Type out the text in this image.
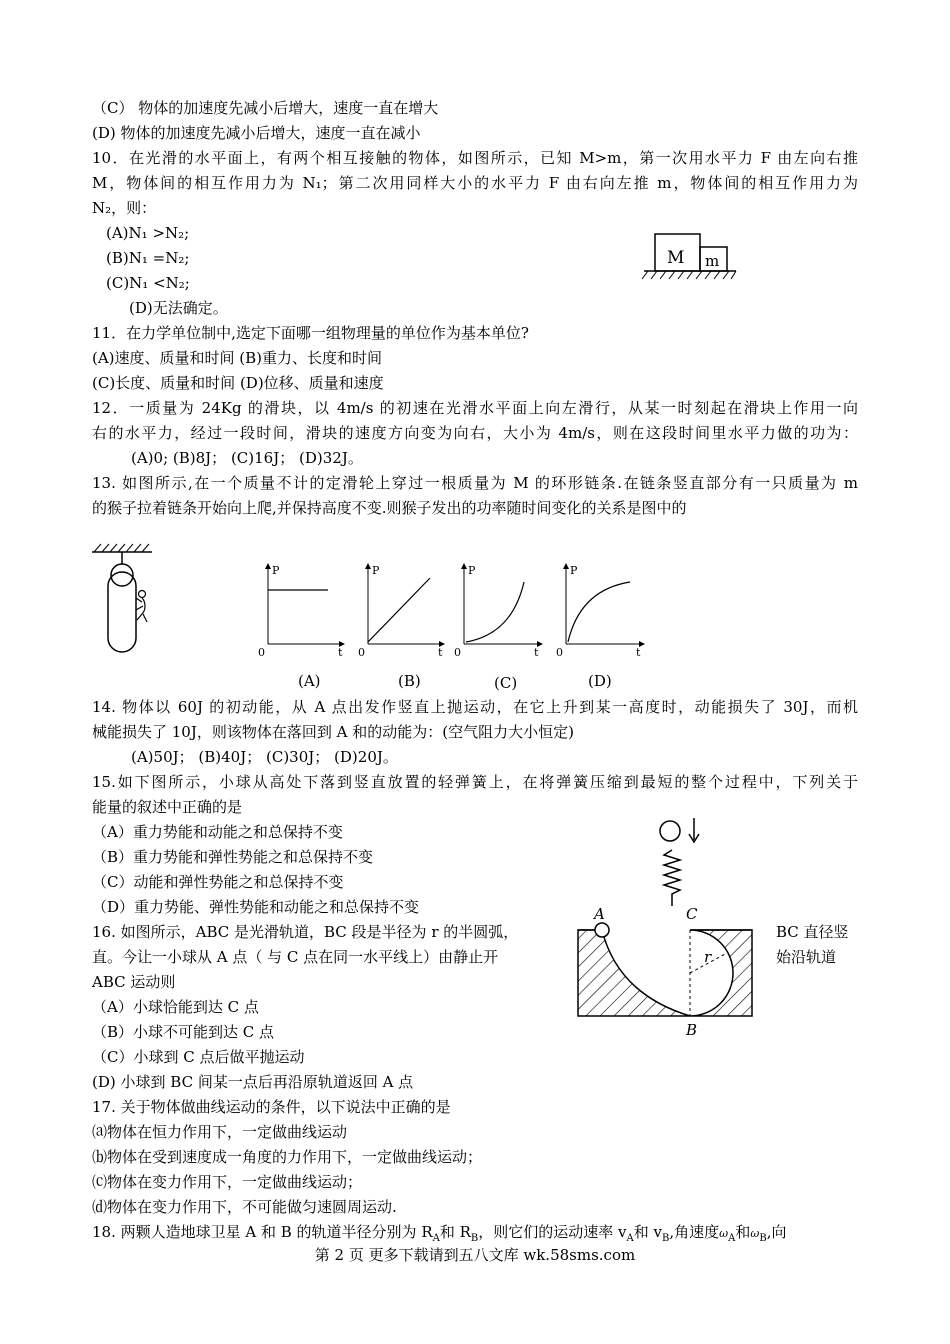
（C） 物体的加速度先减小后增大，速度一直在增大
(D) 物体的加速度先减小后增大，速度一直在减小
10．在光滑的水平面上，有两个相互接触的物体，如图所示，已知 M>m，第一次用水平力 F 由左向右推
M，物体间的相互作用力为 N₁；第二次用同样大小的水平力 F 由右向左推 m，物体间的相互作用力为
N₂，则：
(A)N₁ >N₂;
(B)N₁ =N₂;
(C)N₁ <N₂;
(D)无法确定。
M m
11．在力学单位制中,选定下面哪一组物理量的单位作为基本单位?
(A)速度、质量和时间 (B)重力、长度和时间
(C)长度、质量和时间 (D)位移、质量和速度
12．一质量为 24Kg 的滑块，以 4m/s 的初速在光滑水平面上向左滑行，从某一时刻起在滑块上作用一向
右的水平力，经过一段时间，滑块的速度方向变为向右，大小为 4m/s，则在这段时间里水平力做的功为：
(A)0; (B)8J； (C)16J； (D)32J。
13. 如图所示,在一个质量不计的定滑轮上穿过一根质量为 M 的环形链条.在链条竖直部分有一只质量为 m
的猴子拉着链条开始向上爬,并保持高度不变.则猴子发出的功率随时间变化的关系是图中的
P
0	t
(A)
P
0	t
(B)
P
0	t
(C)
P
0	t
(D)
14. 物体以 60J 的初动能，从 A 点出发作竖直上抛运动，在它上升到某一高度时，动能损失了 30J，而机
械能损失了 10J，则该物体在落回到 A 和的动能为：(空气阻力大小恒定)
(A)50J； (B)40J； (C)30J； (D)20J。
15.如下图所示，小球从高处下落到竖直放置的轻弹簧上，在将弹簧压缩到最短的整个过程中，下列关于
能量的叙述中正确的是
（A）重力势能和动能之和总保持不变
（B）重力势能和弹性势能之和总保持不变
（C）动能和弹性势能之和总保持不变
（D）重力势能、弹性势能和动能之和总保持不变
16. 如图所示，ABC 是光滑轨道，BC 段是半径为 r 的半圆弧，	BC 直径竖
直。今让一小球从 A 点（ 与 C 点在同一水平线上）由静止开	始沿轨道
ABC 运动则
（A）小球恰能到达 C 点
（B）小球不可能到达 C 点
（C）小球到 C 点后做平抛运动
(D) 小球到 BC 间某一点后再沿原轨道返回 A 点
A	C
B
r
17. 关于物体做曲线运动的条件，以下说法中正确的是
⒜物体在恒力作用下，一定做曲线运动
⒝物体在受到速度成一角度的力作用下，一定做曲线运动；
⒞物体在变力作用下，一定做曲线运动；
⒟物体在变力作用下，不可能做匀速圆周运动.
18. 两颗人造地球卫星 A 和 B 的轨道半径分别为 $R_A$和 $R_B$，则它们的运动速率 $v_A$和 $v_B$,角速度$\omega_A$和$\omega_B$,向
第 2 页 更多下载请到五八文库 wk.58sms.com
